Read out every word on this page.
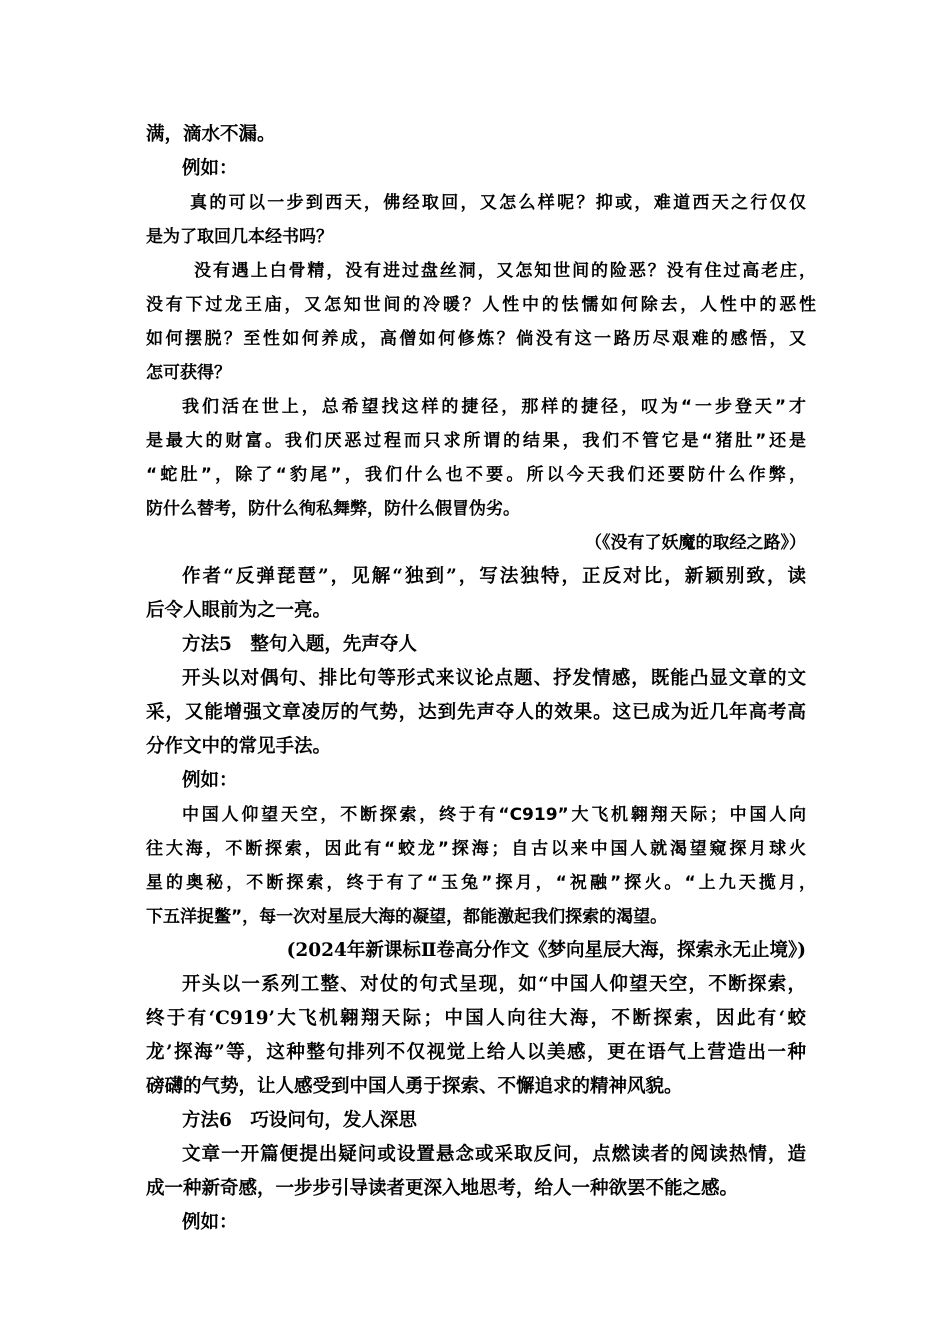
满，滴水不漏。
例如：
真的可以一步到西天，佛经取回，又怎么样呢？抑或，难道西天之行仅仅
是为了取回几本经书吗？
没有遇上白骨精，没有进过盘丝洞，又怎知世间的险恶？没有住过高老庄，
没有下过龙王庙，又怎知世间的冷暖？人性中的怯懦如何除去，人性中的恶性
如何摆脱？至性如何养成，高僧如何修炼？倘没有这一路历尽艰难的感悟，又
怎可获得？
我们活在世上，总希望找这样的捷径，那样的捷径，叹为“一步登天”才
是最大的财富。我们厌恶过程而只求所谓的结果，我们不管它是“猪肚”还是
“蛇肚”，除了“豹尾”，我们什么也不要。所以今天我们还要防什么作弊，
防什么替考，防什么徇私舞弊，防什么假冒伪劣。
（《没有了妖魔的取经之路》）
作者“反弹琵琶”，见解“独到”，写法独特，正反对比，新颖别致，读
后令人眼前为之一亮。
方法5　整句入题，先声夺人
开头以对偶句、排比句等形式来议论点题、抒发情感，既能凸显文章的文
采，又能增强文章凌厉的气势，达到先声夺人的效果。这已成为近几年高考高
分作文中的常见手法。
例如：
中国人仰望天空，不断探索，终于有“C919”大飞机翱翔天际；中国人向
往大海，不断探索，因此有“蛟龙”探海；自古以来中国人就渴望窥探月球火
星的奥秘，不断探索，终于有了“玉兔”探月，“祝融”探火。“上九天揽月，
下五洋捉鳖”，每一次对星辰大海的凝望，都能激起我们探索的渴望。
(2024年新课标Ⅱ卷高分作文《梦向星辰大海，探索永无止境》)
开头以一系列工整、对仗的句式呈现，如“中国人仰望天空，不断探索，
终于有‘C919’大飞机翱翔天际；中国人向往大海，不断探索，因此有‘蛟
龙’探海”等，这种整句排列不仅视觉上给人以美感，更在语气上营造出一种
磅礴的气势，让人感受到中国人勇于探索、不懈追求的精神风貌。
方法6　巧设问句，发人深思
文章一开篇便提出疑问或设置悬念或采取反问，点燃读者的阅读热情，造
成一种新奇感，一步步引导读者更深入地思考，给人一种欲罢不能之感。
例如：
